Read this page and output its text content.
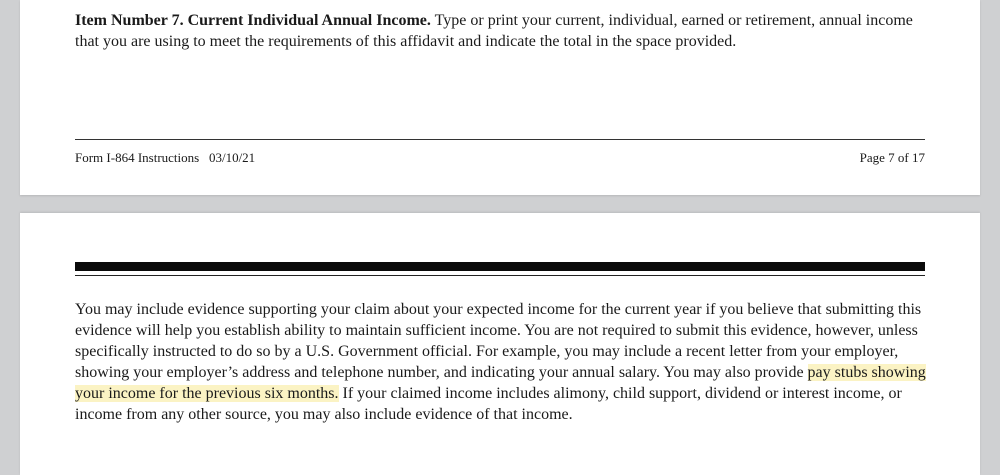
Item Number 7. Current Individual Annual Income. Type or print your current, individual, earned or retirement, annual income that you are using to meet the requirements of this affidavit and indicate the total in the space provided.

Form I-864 Instructions   03/10/21	Page 7 of 17

You may include evidence supporting your claim about your expected income for the current year if you believe that submitting this evidence will help you establish ability to maintain sufficient income. You are not required to submit this evidence, however, unless specifically instructed to do so by a U.S. Government official. For example, you may include a recent letter from your employer, showing your employer’s address and telephone number, and indicating your annual salary. You may also provide pay stubs showing your income for the previous six months. If your claimed income includes alimony, child support, dividend or interest income, or income from any other source, you may also include evidence of that income.
